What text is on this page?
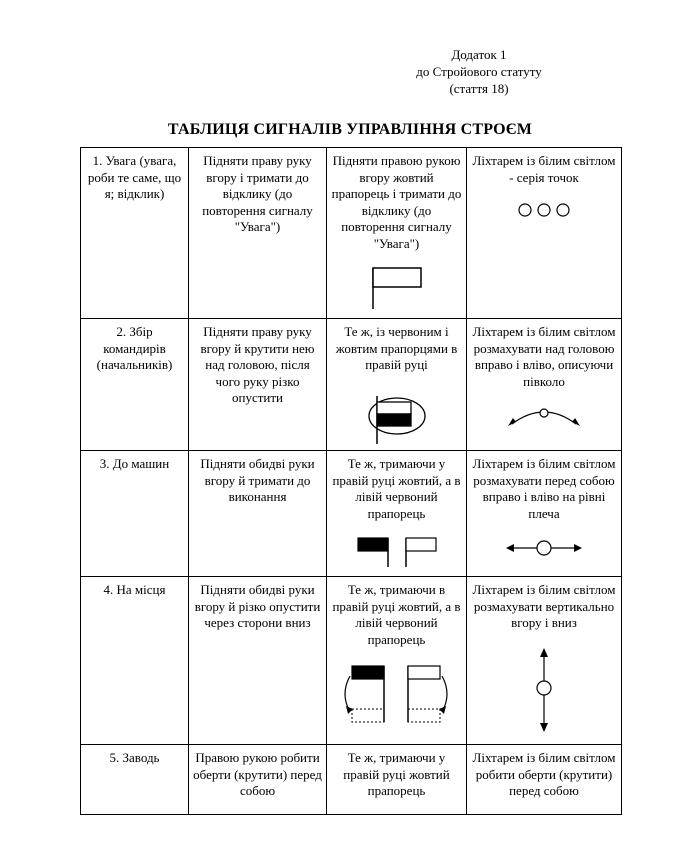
Додаток 1
до Стройового статуту
(стаття 18)
ТАБЛИЦЯ СИГНАЛІВ УПРАВЛІННЯ СТРОЄМ
1. Увага (увага, роби те саме, що я; відклик)	Підняти праву руку вгору і тримати до відклику (до повторення сигналу "Увага")	Підняти правою рукою вгору жовтий прапорець і тримати до відклику (до повторення сигналу "Увага")	Ліхтарем із білим світлом - серія точок

2. Збір командирів (начальників)	Підняти праву руку вгору й крутити нею над головою, після чого руку різко опустити	Те ж, із червоним і жовтим прапорцями в правій руці	Ліхтарем із білим світлом розмахувати над головою вправо і вліво, описуючи півколо

3. До машин	Підняти обидві руки вгору й тримати до виконання	Те ж, тримаючи у правій руці жовтий, а в лівій червоний прапорець	Ліхтарем із білим світлом розмахувати перед собою вправо і вліво на рівні плеча

4. На місця	Підняти обидві руки вгору й різко опустити через сторони вниз	Те ж, тримаючи в правій руці жовтий, а в лівій червоний прапорець	Ліхтарем із білим світлом розмахувати вертикально вгору і вниз

5. Заводь	Правою рукою робити оберти (крутити) перед собою	Те ж, тримаючи у правій руці жовтий прапорець	Ліхтарем із білим світлом робити оберти (крутити) перед собою
